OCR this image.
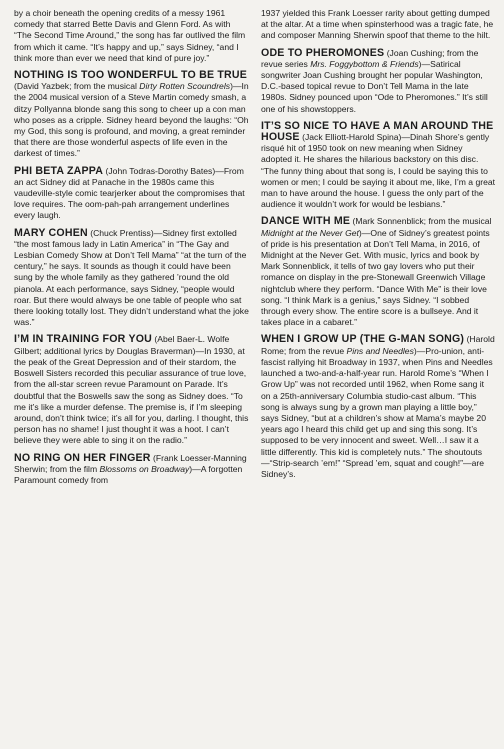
by a choir beneath the opening credits of a messy 1961 comedy that starred Bette Davis and Glenn Ford. As with “The Second Time Around,” the song has far outlived the film from which it came. “It’s happy and up,” says Sidney, “and I think more than ever we need that kind of pure joy.”

NOTHING IS TOO WONDERFUL TO BE TRUE (David Yazbek; from the musical Dirty Rotten Scoundrels)—In the 2004 musical version of a Steve Martin comedy smash, a ditzy Pollyanna blonde sang this song to cheer up a con man who poses as a cripple. Sidney heard beyond the laughs: “Oh my God, this song is profound, and moving, a great reminder that there are those wonderful aspects of life even in the darkest of times.”

PHI BETA ZAPPA (John Todras-Dorothy Bates)—From an act Sidney did at Panache in the 1980s came this vaudeville-style comic tearjerker about the compromises that love requires. The oom-pah-pah arrangement underlines every laugh.

MARY COHEN (Chuck Prentiss)—Sidney first extolled “the most famous lady in Latin America” in “The Gay and Lesbian Comedy Show at Don’t Tell Mama” “at the turn of the century,” he says. It sounds as though it could have been sung by the whole family as they gathered ’round the old pianola. At each performance, says Sidney, “people would roar. But there would always be one table of people who sat there looking totally lost. They didn’t understand what the joke was.”

I’M IN TRAINING FOR YOU (Abel Baer-L. Wolfe Gilbert; additional lyrics by Douglas Braverman)—In 1930, at the peak of the Great Depression and of their stardom, the Boswell Sisters recorded this peculiar assurance of true love, from the all-star screen revue Paramount on Parade. It’s doubtful that the Boswells saw the song as Sidney does. “To me it’s like a murder defense. The premise is, if I’m sleeping around, don’t think twice; it’s all for you, darling. I thought, this person has no shame! I just thought it was a hoot. I can’t believe they were able to sing it on the radio.”

NO RING ON HER FINGER (Frank Loesser-Manning Sherwin; from the film Blossoms on Broadway)—A forgotten Paramount comedy from

1937 yielded this Frank Loesser rarity about getting dumped at the altar. At a time when spinsterhood was a tragic fate, he and composer Manning Sherwin spoof that theme to the hilt.

ODE TO PHEROMONES (Joan Cushing; from the revue series Mrs. Foggybottom & Friends)—Satirical songwriter Joan Cushing brought her popular Washington, D.C.-based topical revue to Don’t Tell Mama in the late 1980s. Sidney pounced upon “Ode to Pheromones.” It’s still one of his showstoppers.

IT’S SO NICE TO HAVE A MAN AROUND THE HOUSE (Jack Elliott-Harold Spina)—Dinah Shore’s gently risqué hit of 1950 took on new meaning when Sidney adopted it. He shares the hilarious backstory on this disc. “The funny thing about that song is, I could be saying this to women or men; I could be saying it about me, like, I’m a great man to have around the house. I guess the only part of the audience it wouldn’t work for would be lesbians.”

DANCE WITH ME (Mark Sonnenblick; from the musical Midnight at the Never Get)—One of Sidney’s greatest points of pride is his presentation at Don’t Tell Mama, in 2016, of Midnight at the Never Get. With music, lyrics and book by Mark Sonnenblick, it tells of two gay lovers who put their romance on display in the pre-Stonewall Greenwich Village nightclub where they perform. “Dance With Me” is their love song. “I think Mark is a genius,” says Sidney. “I sobbed through every show. The entire score is a bullseye. And it takes place in a cabaret.”

WHEN I GROW UP (THE G-MAN SONG) (Harold Rome; from the revue Pins and Needles)—Pro-union, anti-fascist rallying hit Broadway in 1937, when Pins and Needles launched a two-and-a-half-year run. Harold Rome’s “When I Grow Up” was not recorded until 1962, when Rome sang it on a 25th-anniversary Columbia studio-cast album. “This song is always sung by a grown man playing a little boy,” says Sidney, “but at a children’s show at Mama’s maybe 20 years ago I heard this child get up and sing this song. It’s supposed to be very innocent and sweet. Well…I saw it a little differently. This kid is completely nuts.” The shoutouts—“Strip-search ’em!” “Spread ’em, squat and cough!”—are Sidney’s.
